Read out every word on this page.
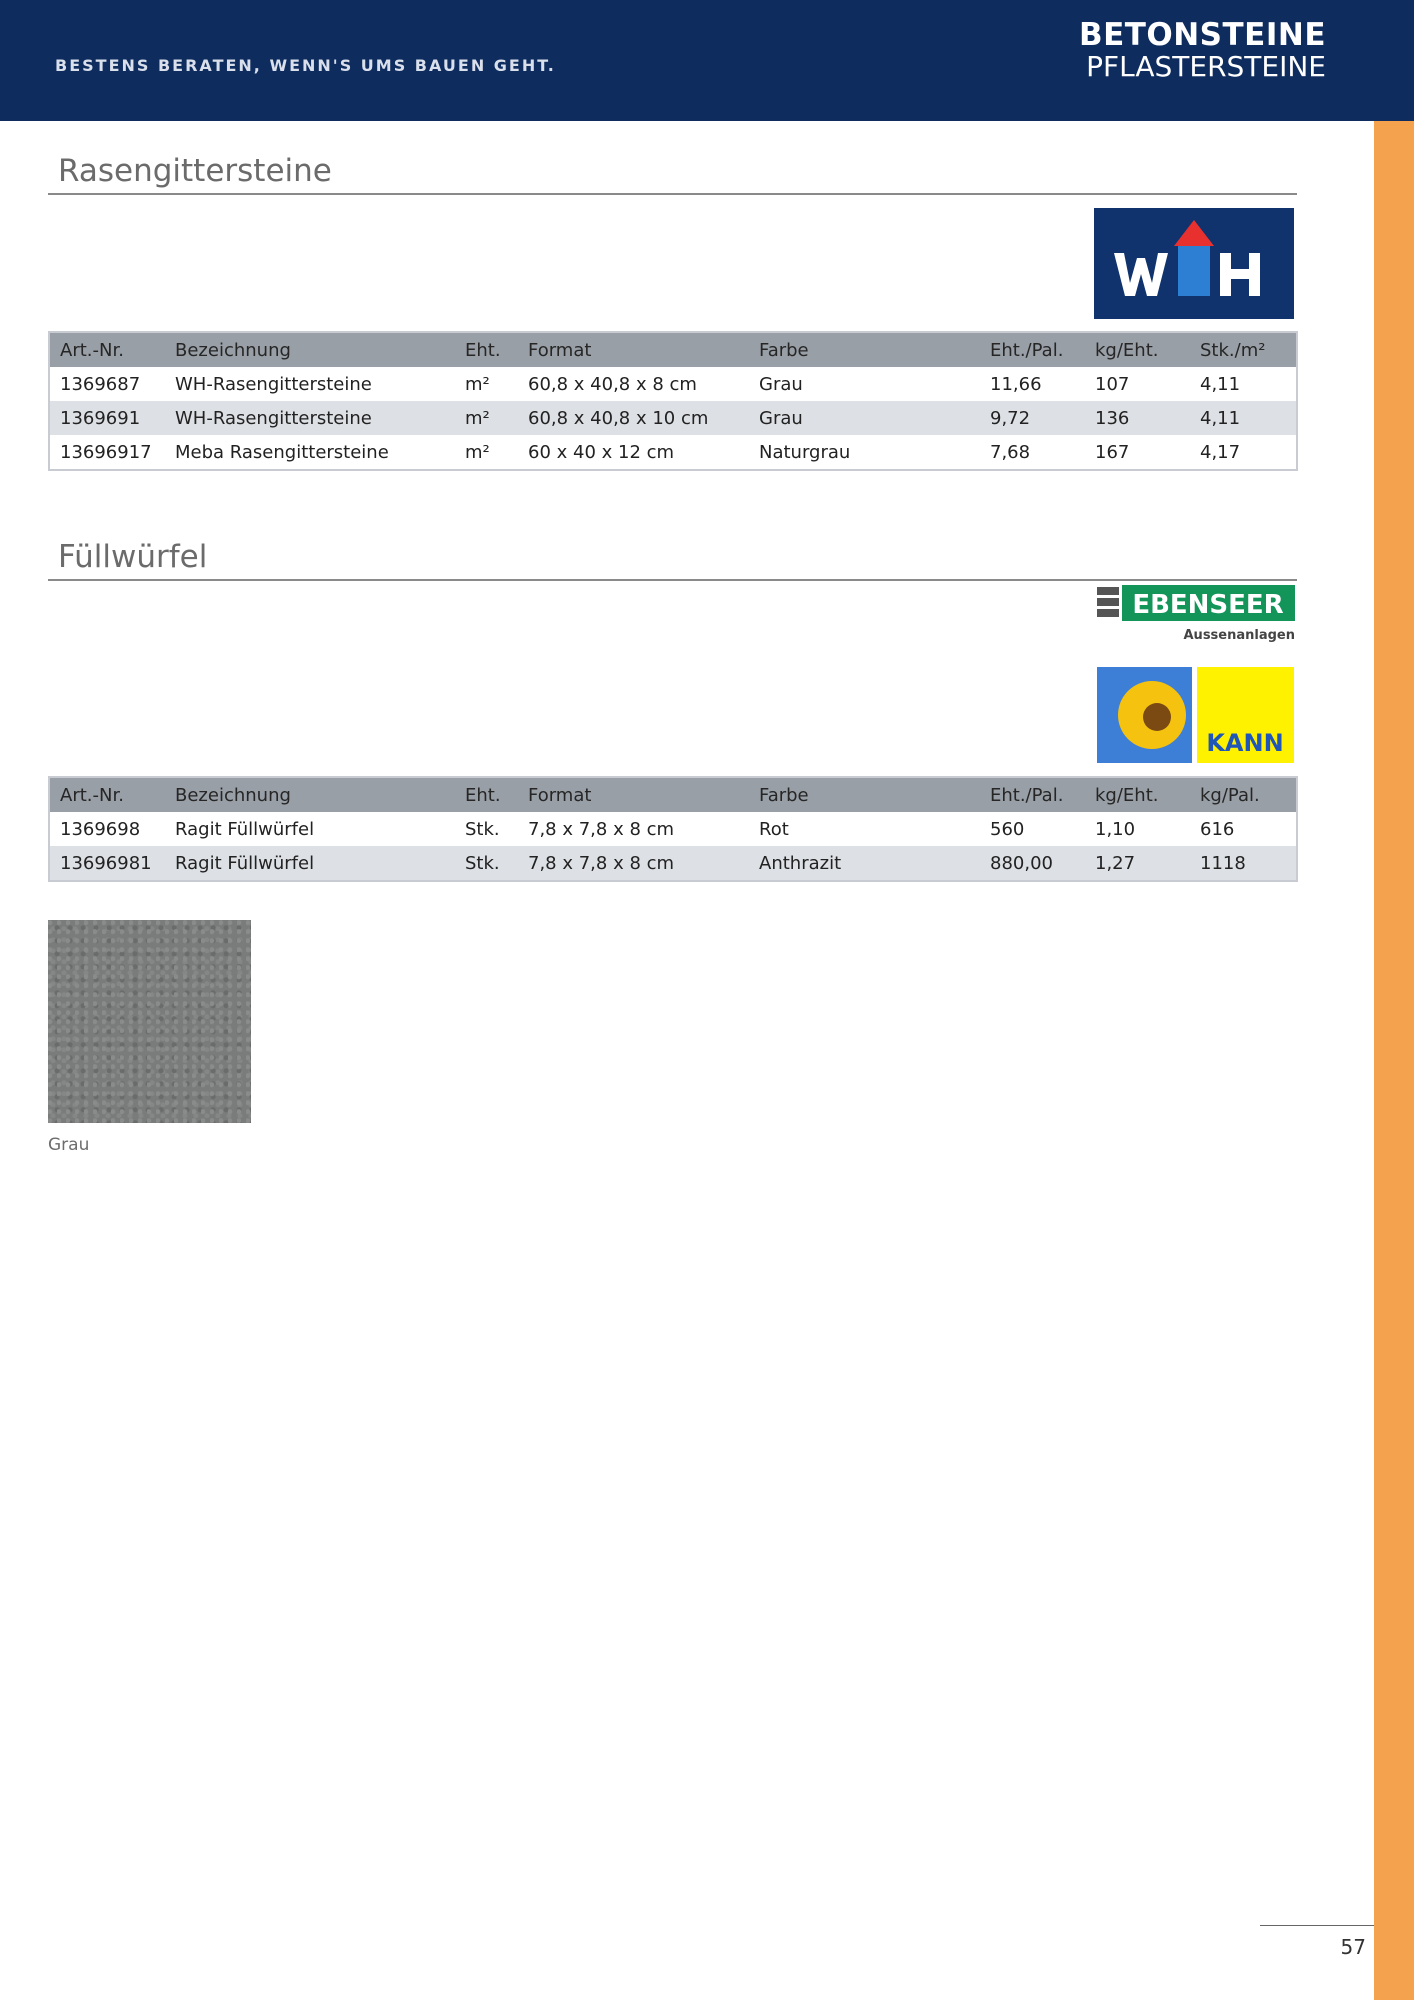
BESTENS BERATEN, WENN'S UMS BAUEN GEHT.
BETONSTEINE
PFLASTERSTEINE
Rasengittersteine
Art.-Nr.	Bezeichnung	Eht.	Format	Farbe	Eht./Pal.	kg/Eht.	Stk./m²
1369687	WH-Rasengittersteine	m²	60,8 x 40,8 x 8 cm	Grau	11,66	107	4,11
1369691	WH-Rasengittersteine	m²	60,8 x 40,8 x 10 cm	Grau	9,72	136	4,11
13696917	Meba Rasengittersteine	m²	60 x 40 x 12 cm	Naturgrau	7,68	167	4,17
Füllwürfel
EBENSEER
Aussenanlagen
KANN
Art.-Nr.	Bezeichnung	Eht.	Format	Farbe	Eht./Pal.	kg/Eht.	kg/Pal.
1369698	Ragit Füllwürfel	Stk.	7,8 x 7,8 x 8 cm	Rot	560	1,10	616
13696981	Ragit Füllwürfel	Stk.	7,8 x 7,8 x 8 cm	Anthrazit	880,00	1,27	1118
Grau
57
